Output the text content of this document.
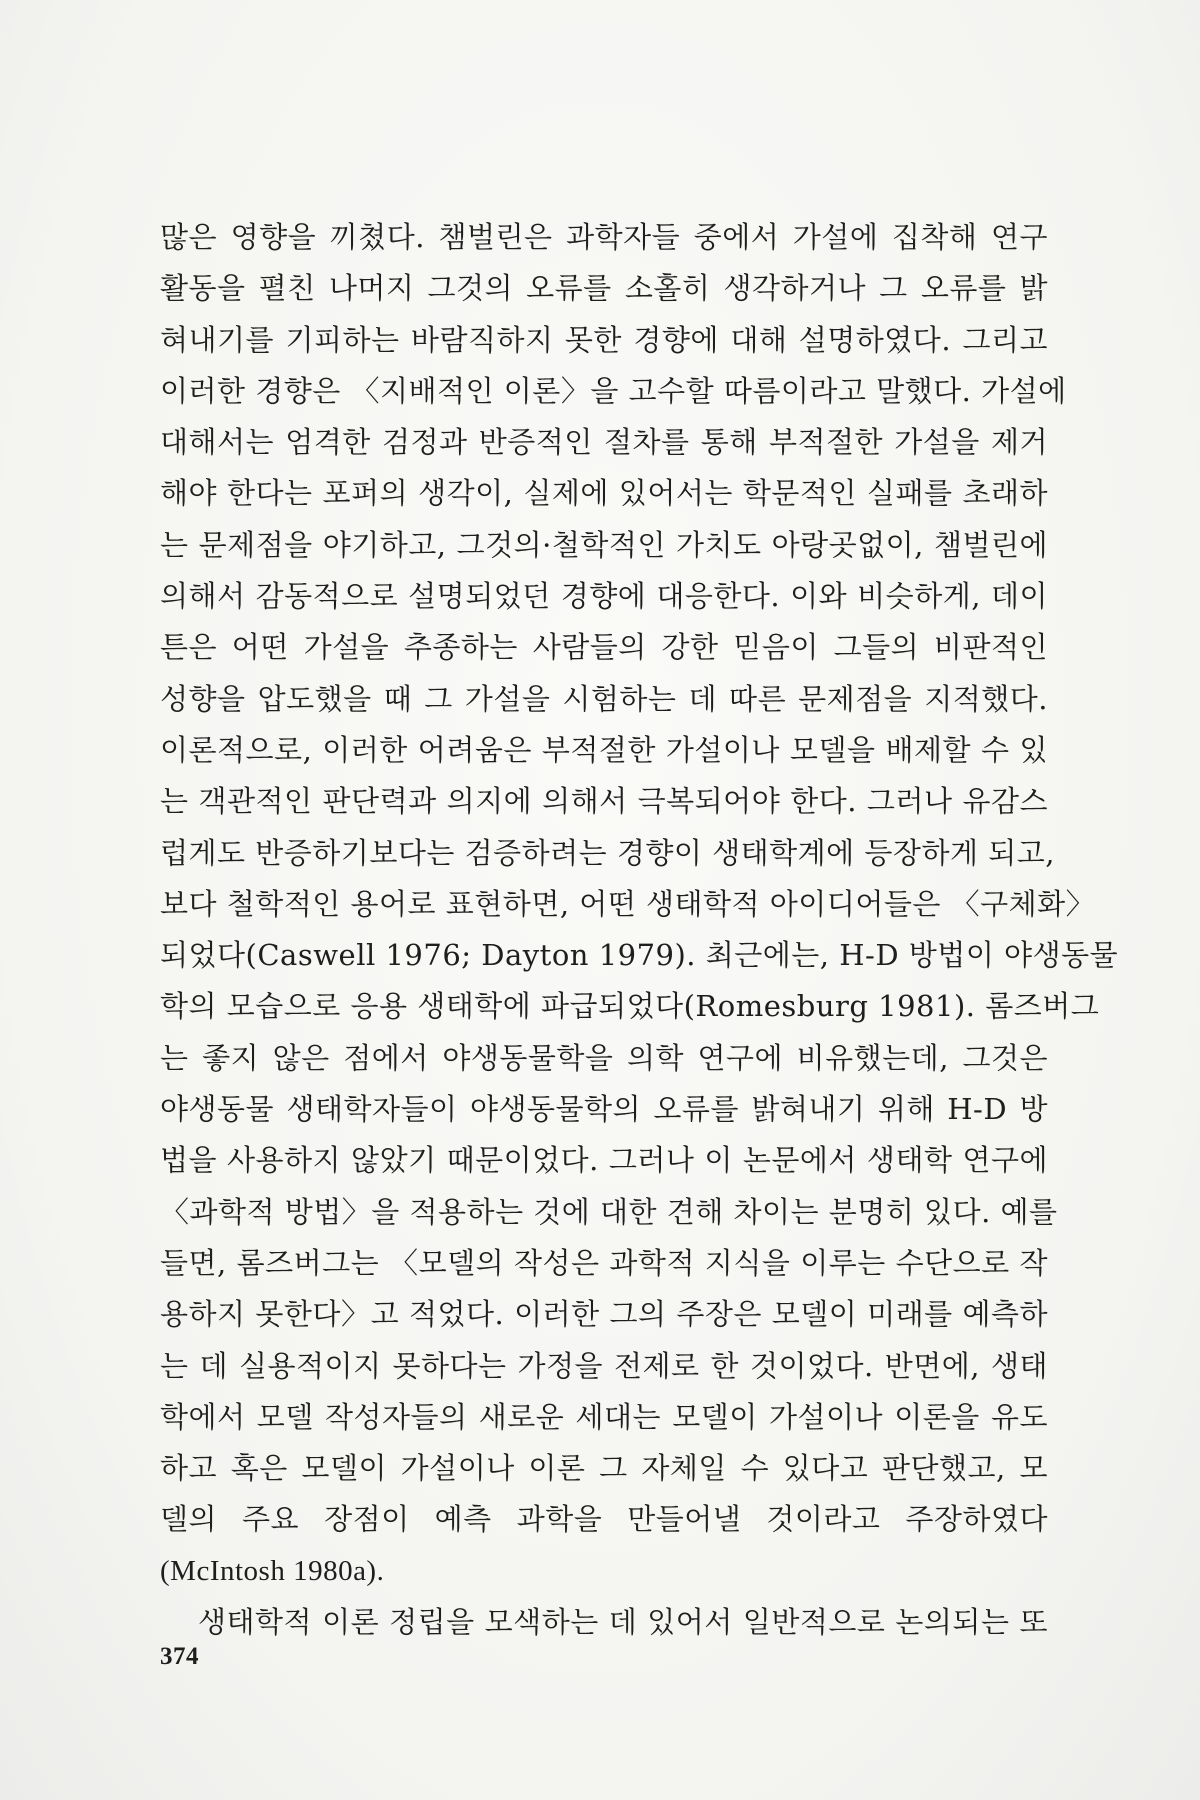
많은 영향을 끼쳤다. 챔벌린은 과학자들 중에서 가설에 집착해 연구
활동을 펼친 나머지 그것의 오류를 소홀히 생각하거나 그 오류를 밝
혀내기를 기피하는 바람직하지 못한 경향에 대해 설명하였다. 그리고
이러한 경향은 〈지배적인 이론〉을 고수할 따름이라고 말했다. 가설에
대해서는 엄격한 검정과 반증적인 절차를 통해 부적절한 가설을 제거
해야 한다는 포퍼의 생각이, 실제에 있어서는 학문적인 실패를 초래하
는 문제점을 야기하고, 그것의·철학적인 가치도 아랑곳없이, 챔벌린에
의해서 감동적으로 설명되었던 경향에 대응한다. 이와 비슷하게, 데이
튼은 어떤 가설을 추종하는 사람들의 강한 믿음이 그들의 비판적인
성향을 압도했을 때 그 가설을 시험하는 데 따른 문제점을 지적했다.
이론적으로, 이러한 어려움은 부적절한 가설이나 모델을 배제할 수 있
는 객관적인 판단력과 의지에 의해서 극복되어야 한다. 그러나 유감스
럽게도 반증하기보다는 검증하려는 경향이 생태학계에 등장하게 되고,
보다 철학적인 용어로 표현하면, 어떤 생태학적 아이디어들은 〈구체화〉
되었다(Caswell 1976; Dayton 1979). 최근에는, H-D 방법이 야생동물
학의 모습으로 응용 생태학에 파급되었다(Romesburg 1981). 롬즈버그
는 좋지 않은 점에서 야생동물학을 의학 연구에 비유했는데, 그것은
야생동물 생태학자들이 야생동물학의 오류를 밝혀내기 위해 H-D 방
법을 사용하지 않았기 때문이었다. 그러나 이 논문에서 생태학 연구에
〈과학적 방법〉을 적용하는 것에 대한 견해 차이는 분명히 있다. 예를
들면, 롬즈버그는 〈모델의 작성은 과학적 지식을 이루는 수단으로 작
용하지 못한다〉고 적었다. 이러한 그의 주장은 모델이 미래를 예측하
는 데 실용적이지 못하다는 가정을 전제로 한 것이었다. 반면에, 생태
학에서 모델 작성자들의 새로운 세대는 모델이 가설이나 이론을 유도
하고 혹은 모델이 가설이나 이론 그 자체일 수 있다고 판단했고, 모
델의 주요 장점이 예측 과학을 만들어낼 것이라고 주장하였다
(McIntosh 1980a).
생태학적 이론 정립을 모색하는 데 있어서 일반적으로 논의되는 또
374
